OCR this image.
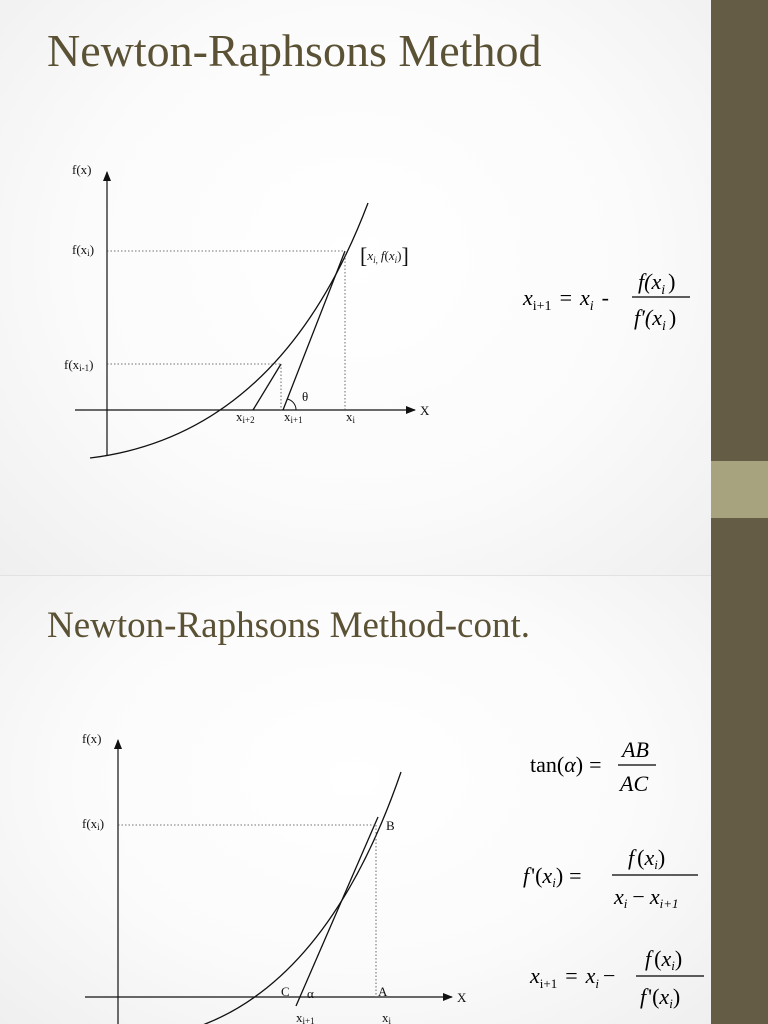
Newton-Raphsons Method
θ
f(x)
f(xi)
f(xi-1)
X
xi+2 xi+1	xi
[$x_{i,}$ $f(x_i)$]
$x_{i+1} = x_i$ -
$f(x_i$ )
$f'(x_i$ )
Newton-Raphsons Method-cont.
f(x)
f(xi)	B
C α	A	X
xi+1	xi
tan(α) =
AB
AC
f'(xi) =
f (xi)
xi − xi+1
$x_{i+1} = x_i$ −
f (xi)
f'(xi)
